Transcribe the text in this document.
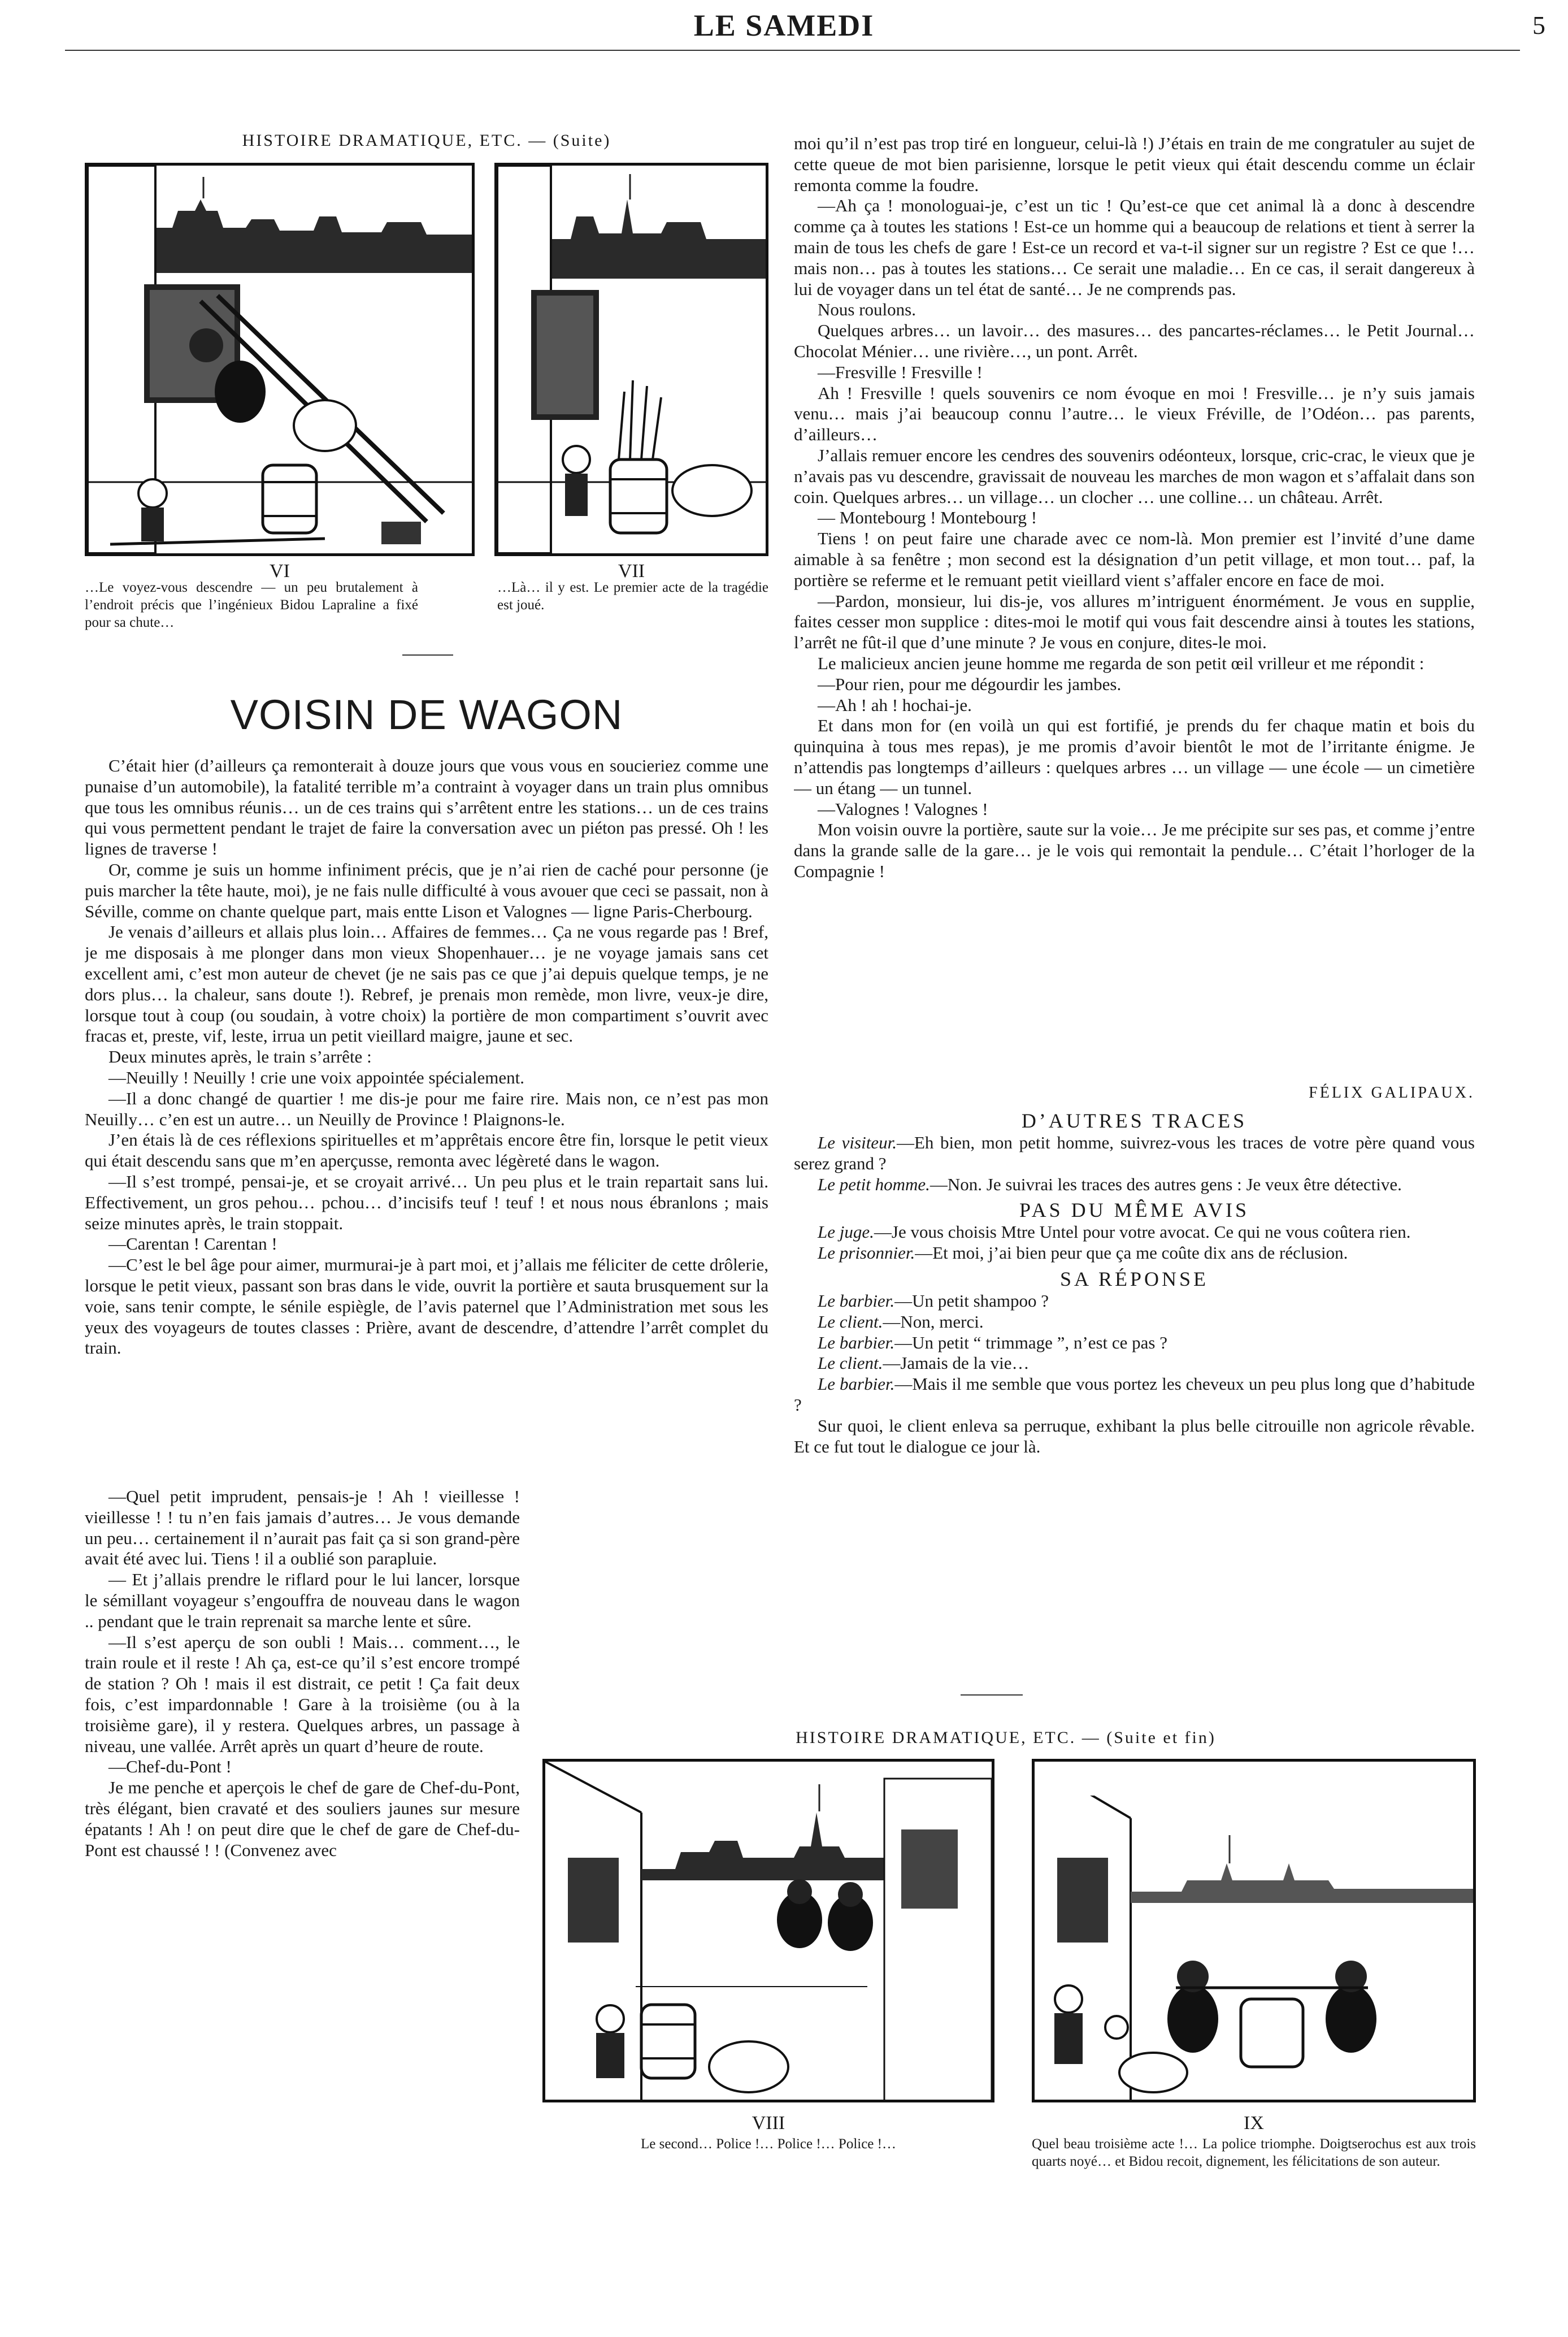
LE SAMEDI	5
HISTOIRE DRAMATIQUE, ETC. — (Suite)
VI
…Le voyez-vous descendre — un peu brutalement à l’endroit précis que l’ingénieux Bidou Lapraline a fixé pour sa chute…
VII
…Là… il y est. Le premier acte de la tragédie est joué.
VOISIN DE WAGON

C’était hier (d’ailleurs ça remonterait à douze jours que vous vous en soucieriez comme une punaise d’un automobile), la fatalité terrible m’a contraint à voyager dans un train plus omnibus que tous les omnibus réunis… un de ces trains qui s’arrêtent entre les stations… un de ces trains qui vous permettent pendant le trajet de faire la conversation avec un piéton pas pressé. Oh ! les lignes de traverse !

Or, comme je suis un homme infiniment précis, que je n’ai rien de caché pour personne (je puis marcher la tête haute, moi), je ne fais nulle difficulté à vous avouer que ceci se passait, non à Séville, comme on chante quelque part, mais entte Lison et Valognes — ligne Paris-Cherbourg.

Je venais d’ailleurs et allais plus loin… Affaires de femmes… Ça ne vous regarde pas ! Bref, je me disposais à me plonger dans mon vieux Shopenhauer… je ne voyage jamais sans cet excellent ami, c’est mon auteur de chevet (je ne sais pas ce que j’ai depuis quelque temps, je ne dors plus… la chaleur, sans doute !). Rebref, je prenais mon remède, mon livre, veux-je dire, lorsque tout à coup (ou soudain, à votre choix) la portière de mon compartiment s’ouvrit avec fracas et, preste, vif, leste, irrua un petit vieillard maigre, jaune et sec.

Deux minutes après, le train s’arrête :

—Neuilly ! Neuilly ! crie une voix appointée spécialement.

—Il a donc changé de quartier ! me dis-je pour me faire rire. Mais non, ce n’est pas mon Neuilly… c’en est un autre… un Neuilly de Province ! Plaignons-le.

J’en étais là de ces réflexions spirituelles et m’apprêtais encore être fin, lorsque le petit vieux qui était descendu sans que m’en aperçusse, remonta avec légèreté dans le wagon.

—Il s’est trompé, pensai-je, et se croyait arrivé… Un peu plus et le train repartait sans lui. Effectivement, un gros pehou… pchou… d’incisifs teuf ! teuf ! et nous nous ébranlons ; mais seize minutes après, le train stoppait.

—Carentan ! Carentan !

—C’est le bel âge pour aimer, murmurai-je à part moi, et j’allais me féliciter de cette drôlerie, lorsque le petit vieux, passant son bras dans le vide, ouvrit la portière et sauta brusquement sur la voie, sans tenir compte, le sénile espiègle, de l’avis paternel que l’Administration met sous les yeux des voyageurs de toutes classes : Prière, avant de descendre, d’attendre l’arrêt complet du train.

—Quel petit imprudent, pensais-je ! Ah ! vieillesse ! vieillesse ! ! tu n’en fais jamais d’autres… Je vous demande un peu… certainement il n’aurait pas fait ça si son grand-père avait été avec lui. Tiens ! il a oublié son parapluie.

— Et j’allais prendre le riflard pour le lui lancer, lorsque le sémillant voyageur s’engouffra de nouveau dans le wagon .. pendant que le train reprenait sa marche lente et sûre.

—Il s’est aperçu de son oubli ! Mais… comment…, le train roule et il reste ! Ah ça, est-ce qu’il s’est encore trompé de station ? Oh ! mais il est distrait, ce petit ! Ça fait deux fois, c’est impardonnable ! Gare à la troisième (ou à la troisième gare), il y restera. Quelques arbres, un passage à niveau, une vallée. Arrêt après un quart d’heure de route.

—Chef-du-Pont !

Je me penche et aperçois le chef de gare de Chef-du-Pont, très élégant, bien cravaté et des souliers jaunes sur mesure épatants ! Ah ! on peut dire que le chef de gare de Chef-du-Pont est chaussé ! ! (Convenez avec

moi qu’il n’est pas trop tiré en longueur, celui-là !) J’étais en train de me congratuler au sujet de cette queue de mot bien parisienne, lorsque le petit vieux qui était descendu comme un éclair remonta comme la foudre.

—Ah ça ! monologuai-je, c’est un tic ! Qu’est-ce que cet animal là a donc à descendre comme ça à toutes les stations ! Est-ce un homme qui a beaucoup de relations et tient à serrer la main de tous les chefs de gare ! Est-ce un record et va-t-il signer sur un registre ? Est ce que !… mais non… pas à toutes les stations… Ce serait une maladie… En ce cas, il serait dangereux à lui de voyager dans un tel état de santé… Je ne comprends pas.

Nous roulons.

Quelques arbres… un lavoir… des masures… des pancartes-réclames… le Petit Journal… Chocolat Ménier… une rivière…, un pont. Arrêt.

—Fresville ! Fresville !

Ah ! Fresville ! quels souvenirs ce nom évoque en moi ! Fresville… je n’y suis jamais venu… mais j’ai beaucoup connu l’autre… le vieux Fréville, de l’Odéon… pas parents, d’ailleurs…

J’allais remuer encore les cendres des souvenirs odéonteux, lorsque, cric-crac, le vieux que je n’avais pas vu descendre, gravissait de nouveau les marches de mon wagon et s’affalait dans son coin. Quelques arbres… un village… un clocher … une colline… un château. Arrêt.

— Montebourg ! Montebourg !

Tiens ! on peut faire une charade avec ce nom-là. Mon premier est l’invité d’une dame aimable à sa fenêtre ; mon second est la désignation d’un petit village, et mon tout… paf, la portière se referme et le remuant petit vieillard vient s’affaler encore en face de moi.

—Pardon, monsieur, lui dis-je, vos allures m’intriguent énormément. Je vous en supplie, faites cesser mon supplice : dites-moi le motif qui vous fait descendre ainsi à toutes les stations, l’arrêt ne fût-il que d’une minute ? Je vous en conjure, dites-le moi.

Le malicieux ancien jeune homme me regarda de son petit œil vrilleur et me répondit :

—Pour rien, pour me dégourdir les jambes.

—Ah ! ah ! hochai-je.

Et dans mon for (en voilà un qui est fortifié, je prends du fer chaque matin et bois du quinquina à tous mes repas), je me promis d’avoir bientôt le mot de l’irritante énigme. Je n’attendis pas longtemps d’ailleurs : quelques arbres … un village — une école — un cimetière — un étang — un tunnel.

—Valognes ! Valognes !

Mon voisin ouvre la portière, saute sur la voie… Je me précipite sur ses pas, et comme j’entre dans la grande salle de la gare… je le vois qui remontait la pendule… C’était l’horloger de la Compagnie !

FÉLIX GALIPAUX.
D’AUTRES TRACES

Le visiteur.—Eh bien, mon petit homme, suivrez-vous les traces de votre père quand vous serez grand ?

Le petit homme.—Non. Je suivrai les traces des autres gens : Je veux être détective.

PAS DU MÊME AVIS

Le juge.—Je vous choisis Mtre Untel pour votre avocat. Ce qui ne vous coûtera rien.

Le prisonnier.—Et moi, j’ai bien peur que ça me coûte dix ans de réclusion.

SA RÉPONSE

Le barbier.—Un petit shampoo ?

Le client.—Non, merci.

Le barbier.—Un petit “ trimmage ”, n’est ce pas ?

Le client.—Jamais de la vie…

Le barbier.—Mais il me semble que vous portez les cheveux un peu plus long que d’habitude ?

Sur quoi, le client enleva sa perruque, exhibant la plus belle citrouille non agricole rêvable. Et ce fut tout le dialogue ce jour là.

HISTOIRE DRAMATIQUE, ETC. — (Suite et fin)
VIII
Le second… Police !… Police !… Police !…
IX
Quel beau troisième acte !… La police triomphe. Doigtserochus est aux trois quarts noyé… et Bidou recoit, dignement, les félicitations de son auteur.
